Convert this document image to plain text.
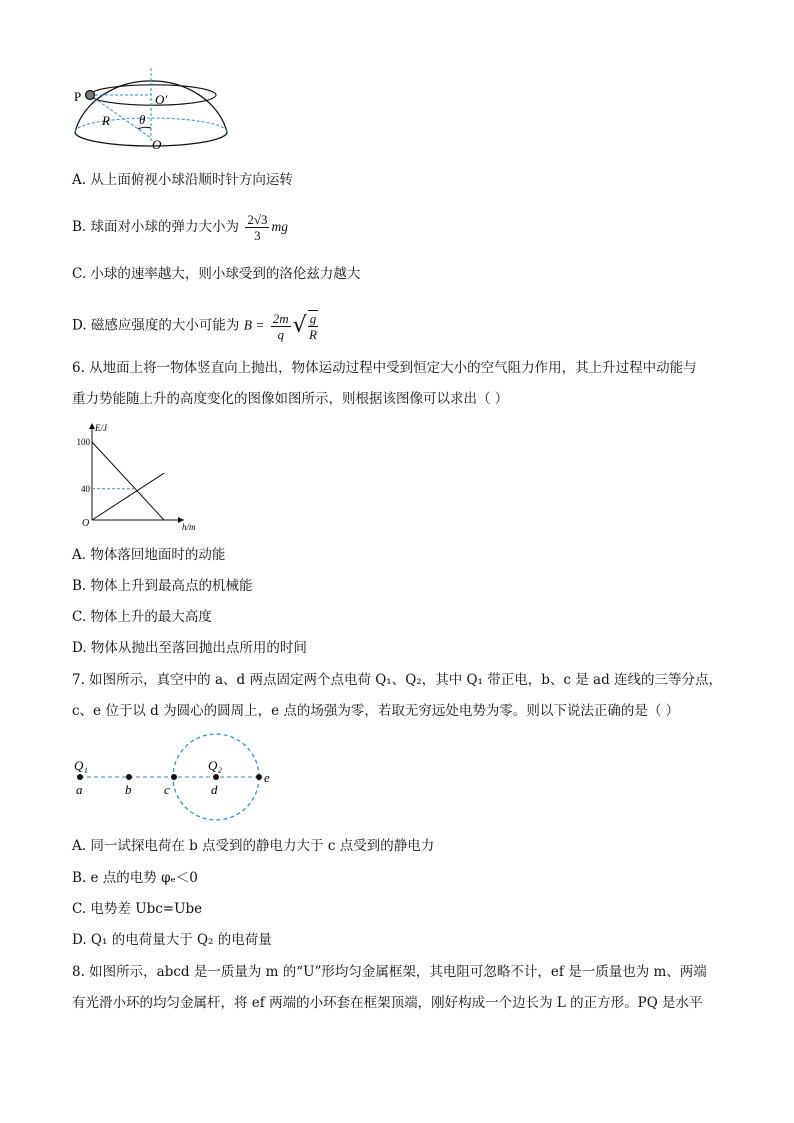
P	O′
R θ
O
A. 从上面俯视小球沿顺时针方向运转
B. 球面对小球的弹力大小为 $\frac{2√3}{3}$ mg
C. 小球的速率越大，则小球受到的洛伦兹力越大
D. 磁感应强度的大小可能为 $B = \frac{2m}{q}$ √ $\frac{g}{R}$
6. 从地面上将一物体竖直向上抛出，物体运动过程中受到恒定大小的空气阻力作用，其上升过程中动能与
重力势能随上升的高度变化的图像如图所示，则根据该图像可以求出（ ）
E/J
h/m
O
100
40
A. 物体落回地面时的动能
B. 物体上升到最高点的机械能
C. 物体上升的最大高度
D. 物体从抛出至落回抛出点所用的时间
7. 如图所示，真空中的 a、d 两点固定两个点电荷 Q₁、Q₂，其中 Q₁ 带正电，b、c 是 ad 连线的三等分点，
c、e 位于以 d 为圆心的圆周上，e 点的场强为零，若取无穷远处电势为零。则以下说法正确的是（ ）
Q₁	Q₂
a	b	c	d
e
A. 同一试探电荷在 b 点受到的静电力大于 c 点受到的静电力
B. e 点的电势 φₑ＜0
C. 电势差 Ubc=Ube
D. Q₁ 的电荷量大于 Q₂ 的电荷量
8. 如图所示，abcd 是一质量为 m 的“U”形均匀金属框架，其电阻可忽略不计，ef 是一质量也为 m、两端
有光滑小环的均匀金属杆，将 ef 两端的小环套在框架顶端，刚好构成一个边长为 L 的正方形。PQ 是水平
